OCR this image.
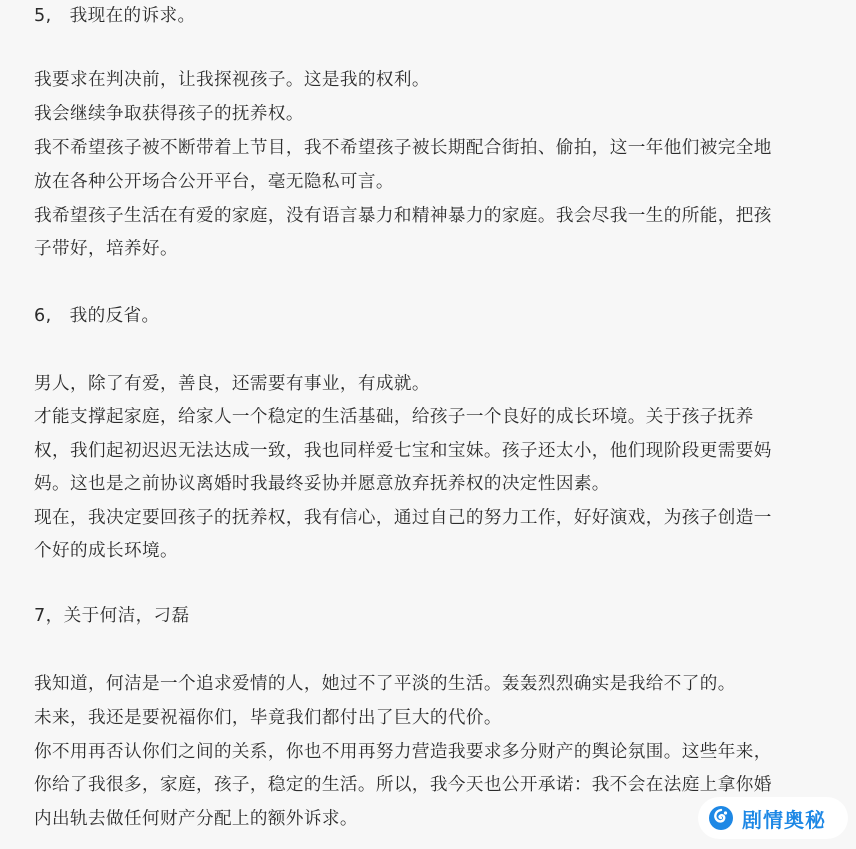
5,　我现在的诉求。
我要求在判决前，让我探视孩子。这是我的权利。
我会继续争取获得孩子的抚养权。
我不希望孩子被不断带着上节目，我不希望孩子被长期配合街拍、偷拍，这一年他们被完全地
放在各种公开场合公开平台，毫无隐私可言。
我希望孩子生活在有爱的家庭，没有语言暴力和精神暴力的家庭。我会尽我一生的所能，把孩
子带好，培养好。
6,　我的反省。
男人，除了有爱，善良，还需要有事业，有成就。
才能支撑起家庭，给家人一个稳定的生活基础，给孩子一个良好的成长环境。关于孩子抚养
权，我们起初迟迟无法达成一致，我也同样爱七宝和宝妹。孩子还太小，他们现阶段更需要妈
妈。这也是之前协议离婚时我最终妥协并愿意放弃抚养权的决定性因素。
现在，我决定要回孩子的抚养权，我有信心，通过自己的努力工作，好好演戏，为孩子创造一
个好的成长环境。
7，关于何洁，刁磊
我知道，何洁是一个追求爱情的人，她过不了平淡的生活。轰轰烈烈确实是我给不了的。
未来，我还是要祝福你们，毕竟我们都付出了巨大的代价。
你不用再否认你们之间的关系，你也不用再努力营造我要求多分财产的舆论氛围。这些年来，
你给了我很多，家庭，孩子，稳定的生活。所以，我今天也公开承诺：我不会在法庭上拿你婚
内出轨去做任何财产分配上的额外诉求。	剧情奥秘
